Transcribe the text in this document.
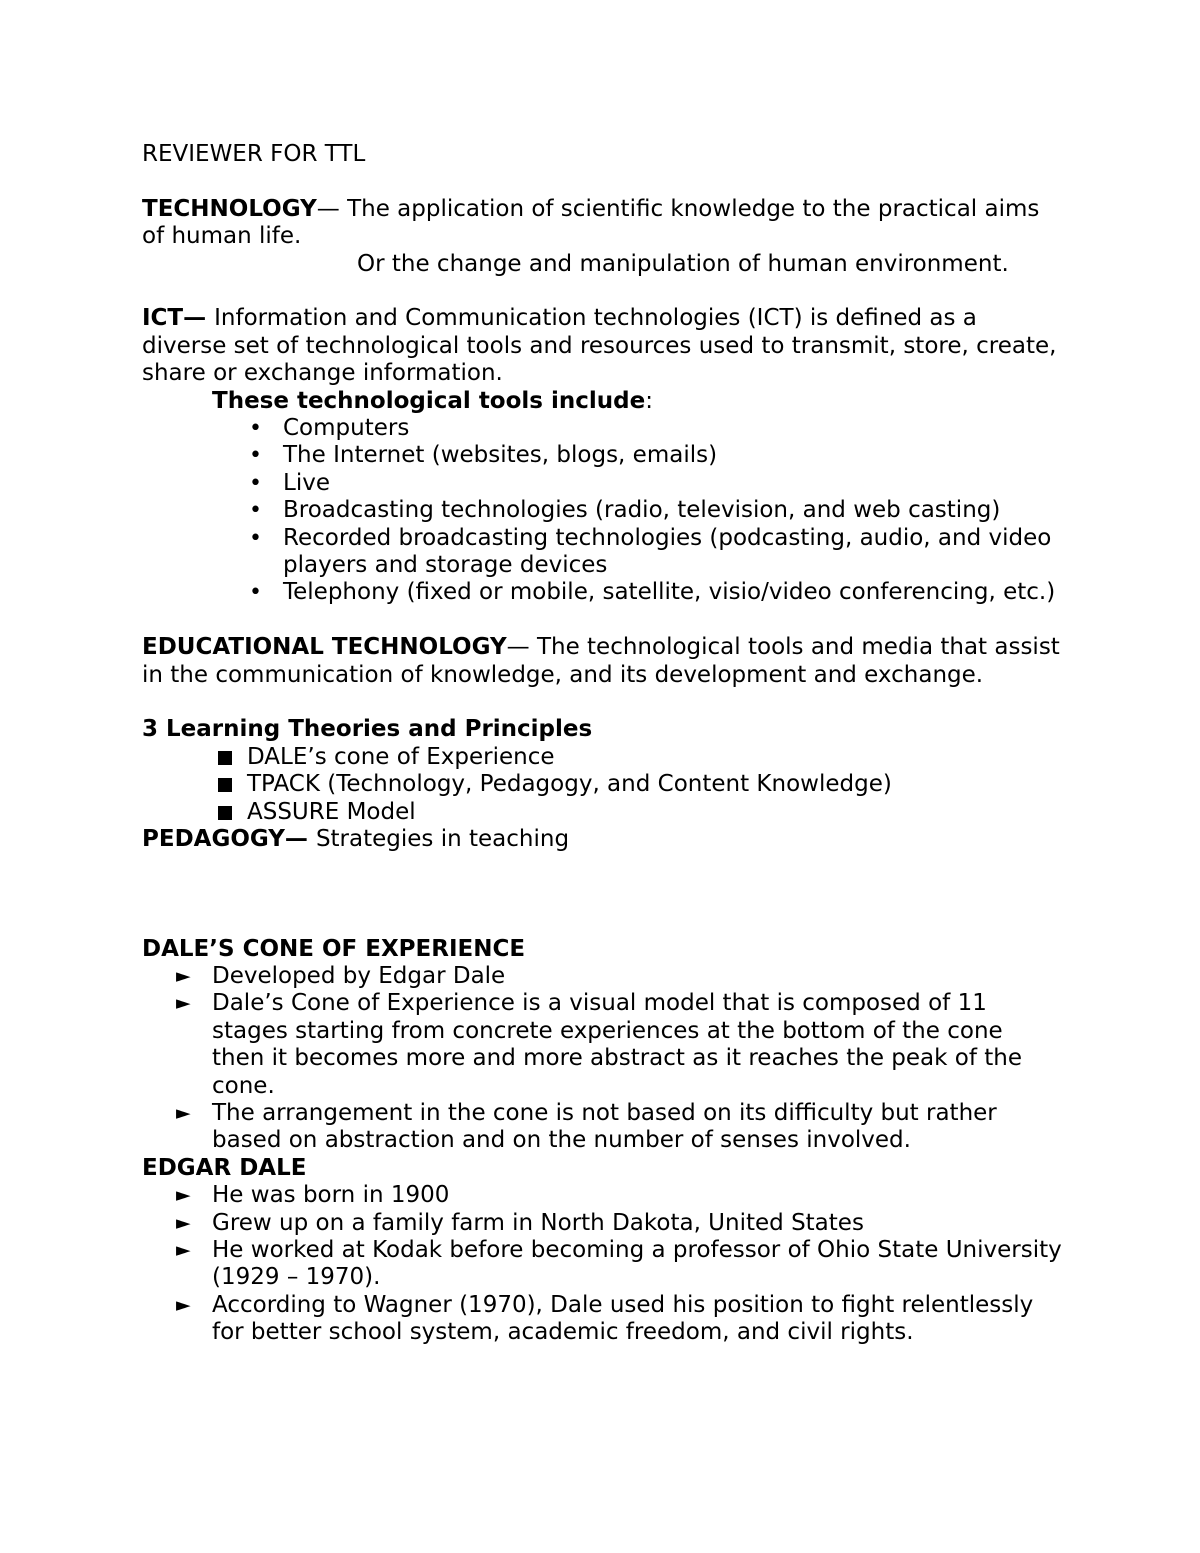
REVIEWER FOR TTL

TECHNOLOGY— The application of scientific knowledge to the practical aims of human life.

Or the change and manipulation of human environment.

ICT— Information and Communication technologies (ICT) is defined as a diverse set of technological tools and resources used to transmit, store, create, share or exchange information.

These technological tools include:

• Computers
• The Internet (websites, blogs, emails)
• Live
• Broadcasting technologies (radio, television, and web casting)
• Recorded broadcasting technologies (podcasting, audio, and video players and storage devices
• Telephony (fixed or mobile, satellite, visio/video conferencing, etc.)

EDUCATIONAL TECHNOLOGY— The technological tools and media that assist in the communication of knowledge, and its development and exchange.

3 Learning Theories and Principles

DALE’s cone of Experience
TPACK (Technology, Pedagogy, and Content Knowledge)
ASSURE Model

PEDAGOGY— Strategies in teaching

DALE’S CONE OF EXPERIENCE

► Developed by Edgar Dale
► Dale’s Cone of Experience is a visual model that is composed of 11 stages starting from concrete experiences at the bottom of the cone then it becomes more and more abstract as it reaches the peak of the cone.
► The arrangement in the cone is not based on its difficulty but rather based on abstraction and on the number of senses involved.

EDGAR DALE

► He was born in 1900
► Grew up on a family farm in North Dakota, United States
► He worked at Kodak before becoming a professor of Ohio State University (1929 – 1970).
► According to Wagner (1970), Dale used his position to fight relentlessly for better school system, academic freedom, and civil rights.
